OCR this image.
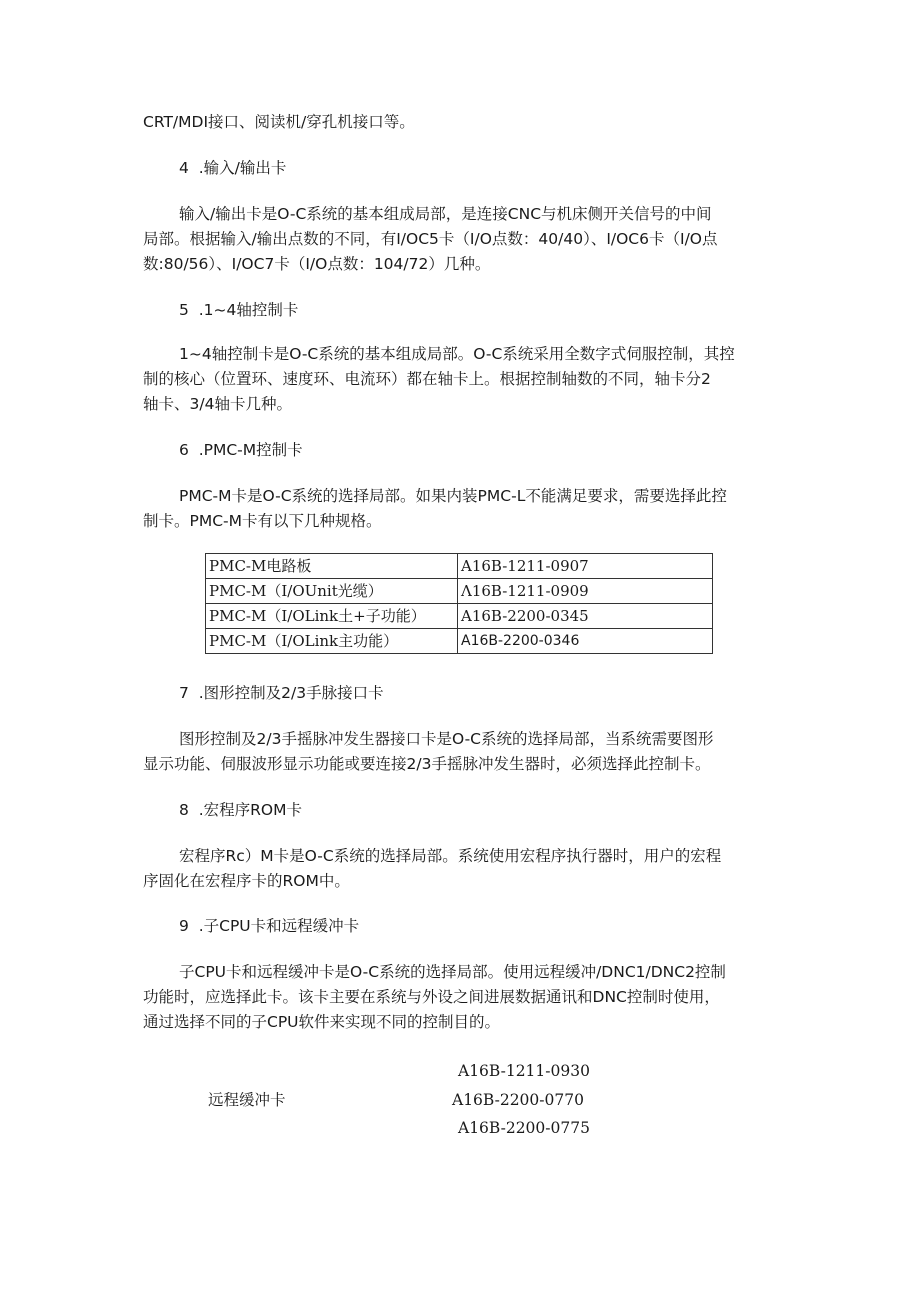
CRT/MDI接口、阅读机/穿孔机接口等。
4  .输入/输出卡
输入/输出卡是O-C系统的基本组成局部，是连接CNC与机床侧开关信号的中间
局部。根据输入/输出点数的不同，有I/OC5卡（I/O点数：40/40）、I/OC6卡（I/O点
数:80/56）、I/OC7卡（I/O点数：104/72）几种。
5  .1~4轴控制卡
1~4轴控制卡是O-C系统的基本组成局部。O-C系统采用全数字式伺服控制，其控
制的核心（位置环、速度环、电流环）都在轴卡上。根据控制轴数的不同，轴卡分2
轴卡、3/4轴卡几种。
6  .PMC-M控制卡
PMC-M卡是O-C系统的选择局部。如果内装PMC-L不能满足要求，需要选择此控
制卡。PMC-M卡有以下几种规格。
PMC-M电路板	A16B-1211-0907
PMC-M（I/OUnit光缆）	Λ16B-1211-0909
PMC-M（I/OLink土+子功能）	A16B-2200-0345
PMC-M（I/OLink主功能）	A16B-2200-0346
7  .图形控制及2/3手脉接口卡
图形控制及2/3手摇脉冲发生器接口卡是O-C系统的选择局部，当系统需要图形
显示功能、伺服波形显示功能或要连接2/3手摇脉冲发生器时，必须选择此控制卡。
8  .宏程序ROM卡
宏程序Rc）M卡是O-C系统的选择局部。系统使用宏程序执行器时，用户的宏程
序固化在宏程序卡的ROM中。
9  .子CPU卡和远程缓冲卡
子CPU卡和远程缓冲卡是O-C系统的选择局部。使用远程缓冲/DNC1/DNC2控制
功能时，应选择此卡。该卡主要在系统与外设之间进展数据通讯和DNC控制时使用，
通过选择不同的子CPU软件来实现不同的控制目的。
A16B-1211-0930
远程缓冲卡	A16B-2200-0770
A16B-2200-0775
